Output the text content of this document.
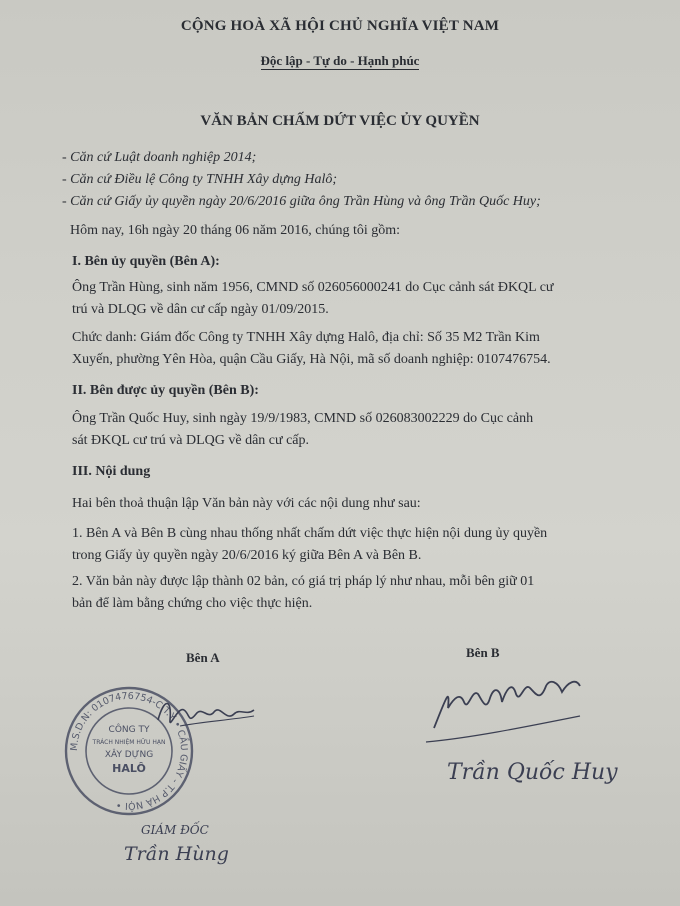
CỘNG HOÀ XÃ HỘI CHỦ NGHĨA VIỆT NAM
Độc lập - Tự do - Hạnh phúc
VĂN BẢN CHẤM DỨT VIỆC ỦY QUYỀN
- Căn cứ Luật doanh nghiệp 2014;
- Căn cứ Điều lệ Công ty TNHH Xây dựng Halô;
- Căn cứ Giấy ủy quyền ngày 20/6/2016 giữa ông Trần Hùng và ông Trần Quốc Huy;
Hôm nay, 16h ngày 20 tháng 06 năm 2016, chúng tôi gồm:
I. Bên ủy quyền (Bên A):
Ông Trần Hùng, sinh năm 1956, CMND số 026056000241 do Cục cảnh sát ĐKQL cư
trú và DLQG về dân cư cấp ngày 01/09/2015.
Chức danh: Giám đốc Công ty TNHH Xây dựng Halô, địa chỉ: Số 35 M2 Trần Kim
Xuyến, phường Yên Hòa, quận Cầu Giấy, Hà Nội, mã số doanh nghiệp: 0107476754.
II. Bên được ủy quyền (Bên B):
Ông Trần Quốc Huy, sinh ngày 19/9/1983, CMND số 026083002229 do Cục cảnh
sát ĐKQL cư trú và DLQG về dân cư cấp.
III. Nội dung
Hai bên thoả thuận lập Văn bản này với các nội dung như sau:
1. Bên A và Bên B cùng nhau thống nhất chấm dứt việc thực hiện nội dung ủy quyền
trong Giấy ủy quyền ngày 20/6/2016 ký giữa Bên A và Bên B.
2. Văn bản này được lập thành 02 bản, có giá trị pháp lý như nhau, mỗi bên giữ 01
bản để làm bằng chứng cho việc thực hiện.
Bên A	Bên B
M.S.D.N: 0107476754-C.T.Y • CẦU GIẤY - T.P HÀ NỘI •
CÔNG TY
TRÁCH NHIỆM HỮU HẠN
XÂY DỰNG
HALÔ
GIÁM ĐỐC
Trần Hùng
Trần Quốc Huy
